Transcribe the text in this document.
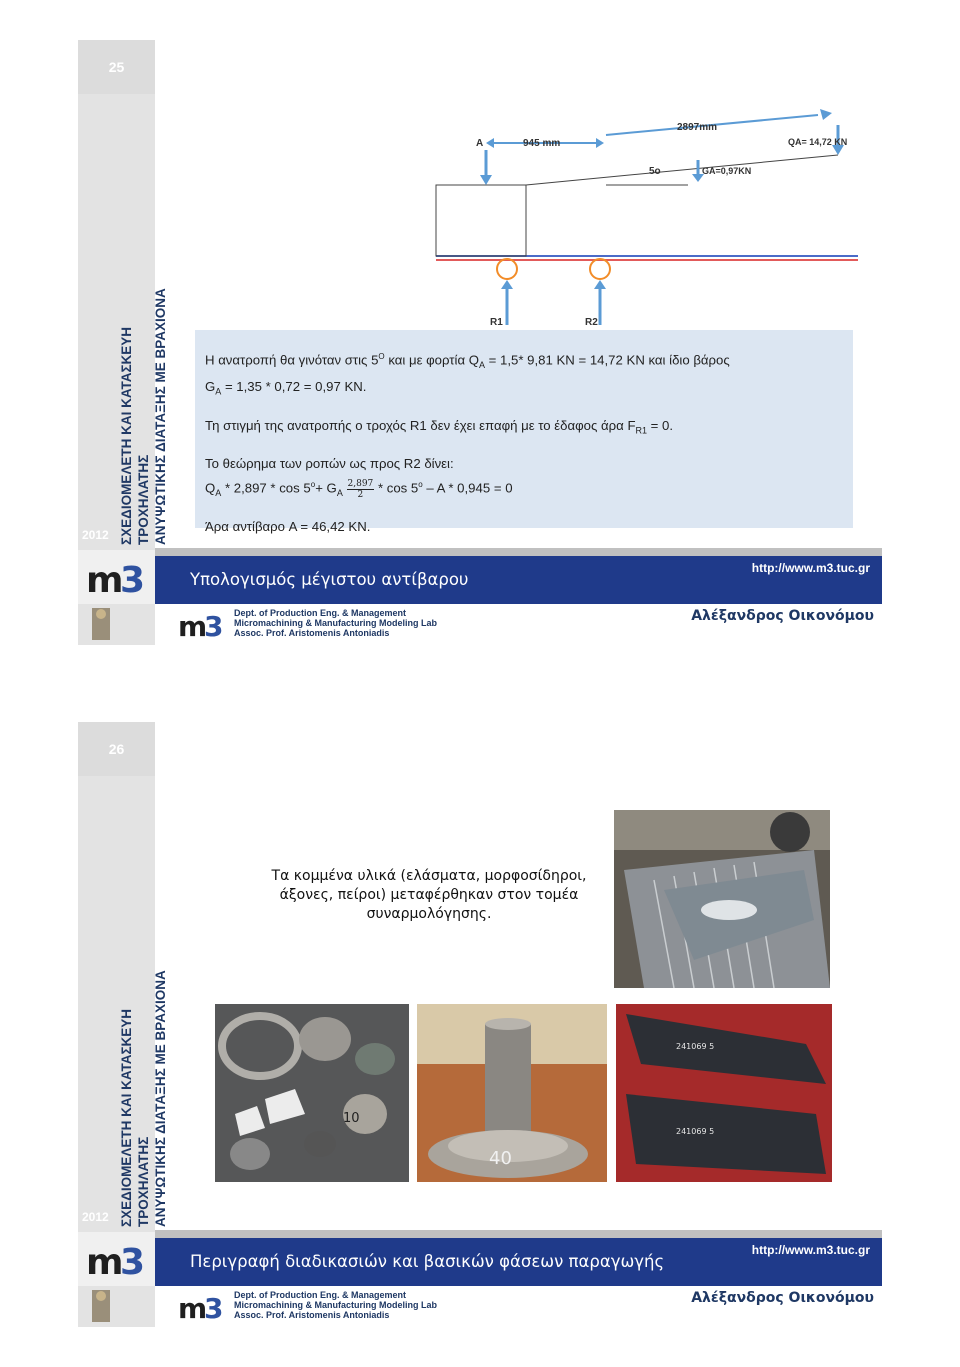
25
ΣΧΕΔΙΟΜΕΛΕΤΗ ΚΑΙ ΚΑΤΑΣΚΕΥΗ ΤΡΟΧΗΛΑΤΗΣ ΑΝΥΨΩΤΙΚΗΣ ΔΙΑΤΑΞΗΣ ΜΕ ΒΡΑΧΙΟΝΑ
2012
A	945 mm
2897mm
5o
QA= 14,72 KN
GA=0,97KN
R1	R2
Η ανατροπή θα γινόταν στις $5^O$ και με φορτία $Q_A = 1,5*$ 9,81 KN = 14,72 KN και ίδιο βάρος

$G_A = 1,35 * 0,72 = 0,97$ KN.

Τη στιγμή της ανατροπής ο τροχός R1 δεν έχει επαφή με το έδαφος άρα $F_{R1} = 0$.

Το θεώρημα των ροπών ως προς R2 δίνει:

$Q_A * 2,897 * \cos 5^o+ G_A \frac{2,897}{2} * \cos 5^o - A * 0,945 = 0$

Άρα αντίβαρο A = 46,42 KN.
m
3	Υπολογισμός μέγιστου αντίβαρου
http://www.m3.tuc.gr
m
3 Dept. of Production Eng. & Management
Micromachining & Manufacturing Modeling Lab
Assoc. Prof. Aristomenis Antoniadis
Αλέξανδρος Οικονόμου
26
ΣΧΕΔΙΟΜΕΛΕΤΗ ΚΑΙ ΚΑΤΑΣΚΕΥΗ ΤΡΟΧΗΛΑΤΗΣ ΑΝΥΨΩΤΙΚΗΣ ΔΙΑΤΑΞΗΣ ΜΕ ΒΡΑΧΙΟΝΑ
2012
Τα κομμένα υλικά (ελάσματα, μορφοσίδηροι, άξονες, πείροι) μεταφέρθηκαν στον τομέα συναρμολόγησης.
10
40
241069 5
241069 5
m
3	Περιγραφή διαδικασιών και βασικών φάσεων παραγωγής
http://www.m3.tuc.gr
m
3 Dept. of Production Eng. & Management
Micromachining & Manufacturing Modeling Lab
Assoc. Prof. Aristomenis Antoniadis
Αλέξανδρος Οικονόμου
